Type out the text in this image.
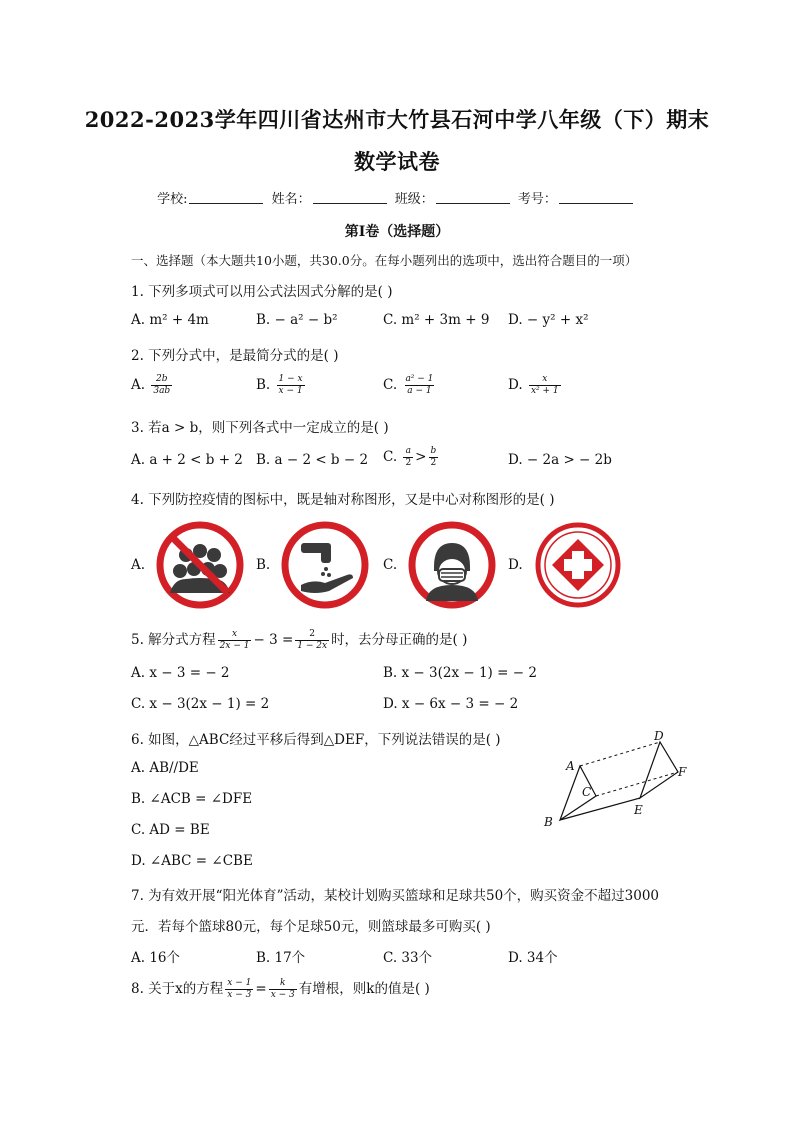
2022-2023学年四川省达州市大竹县石河中学八年级（下）期末
数学试卷
学校:	姓名：	班级：	考号：
第I卷（选择题）
一、选择题（本大题共10小题，共30.0分。在每小题列出的选项中，选出符合题目的一项）
1. 下列多项式可以用公式法因式分解的是( )
A. m² + 4m	B. − a² − b²	C. m² + 3m + 9 D. − y² + x²
2. 下列分式中，是最简分式的是( )
A. $\frac{2b}{3ab}$	B. $\frac{1 - x}{x - 1}$	C. $\frac{\text{a² − 1}}{a - 1}$	D. $\frac{x}{\text{x² + 1}}$
3. 若a > b，则下列各式中一定成立的是( )
A. a + 2 < b + 2 B. a − 2 < b − 2 C. $\frac{a}{2} > \frac{b}{2}$	D. − 2a > − 2b
4. 下列防控疫情的图标中，既是轴对称图形，又是中心对称图形的是( )
A.	B.	C.	D.
5. 解分式方程 $\frac{x}{2x - 1} - 3 = \frac{2}{1 - 2x}$ 时，去分母正确的是( )
A. x − 3 = − 2	B. x − 3(2x − 1) = − 2
C. x − 3(2x − 1) = 2	D. x − 6x − 3 = − 2
6. 如图，△ABC经过平移后得到△DEF，下列说法错误的是( )
A. AB//DE
B. ∠ACB = ∠DFE
C. AD = BE
D. ∠ABC = ∠CBE
A
B
C
D
E
F
7. 为有效开展“阳光体育”活动，某校计划购买篮球和足球共50个，购买资金不超过3000
元．若每个篮球80元，每个足球50元，则篮球最多可购买( )
A. 16个	B. 17个	C. 33个	D. 34个
8. 关于x的方程 $\frac{x - 1}{x - 3} = \frac{k}{x - 3}$ 有增根，则k的值是( )
